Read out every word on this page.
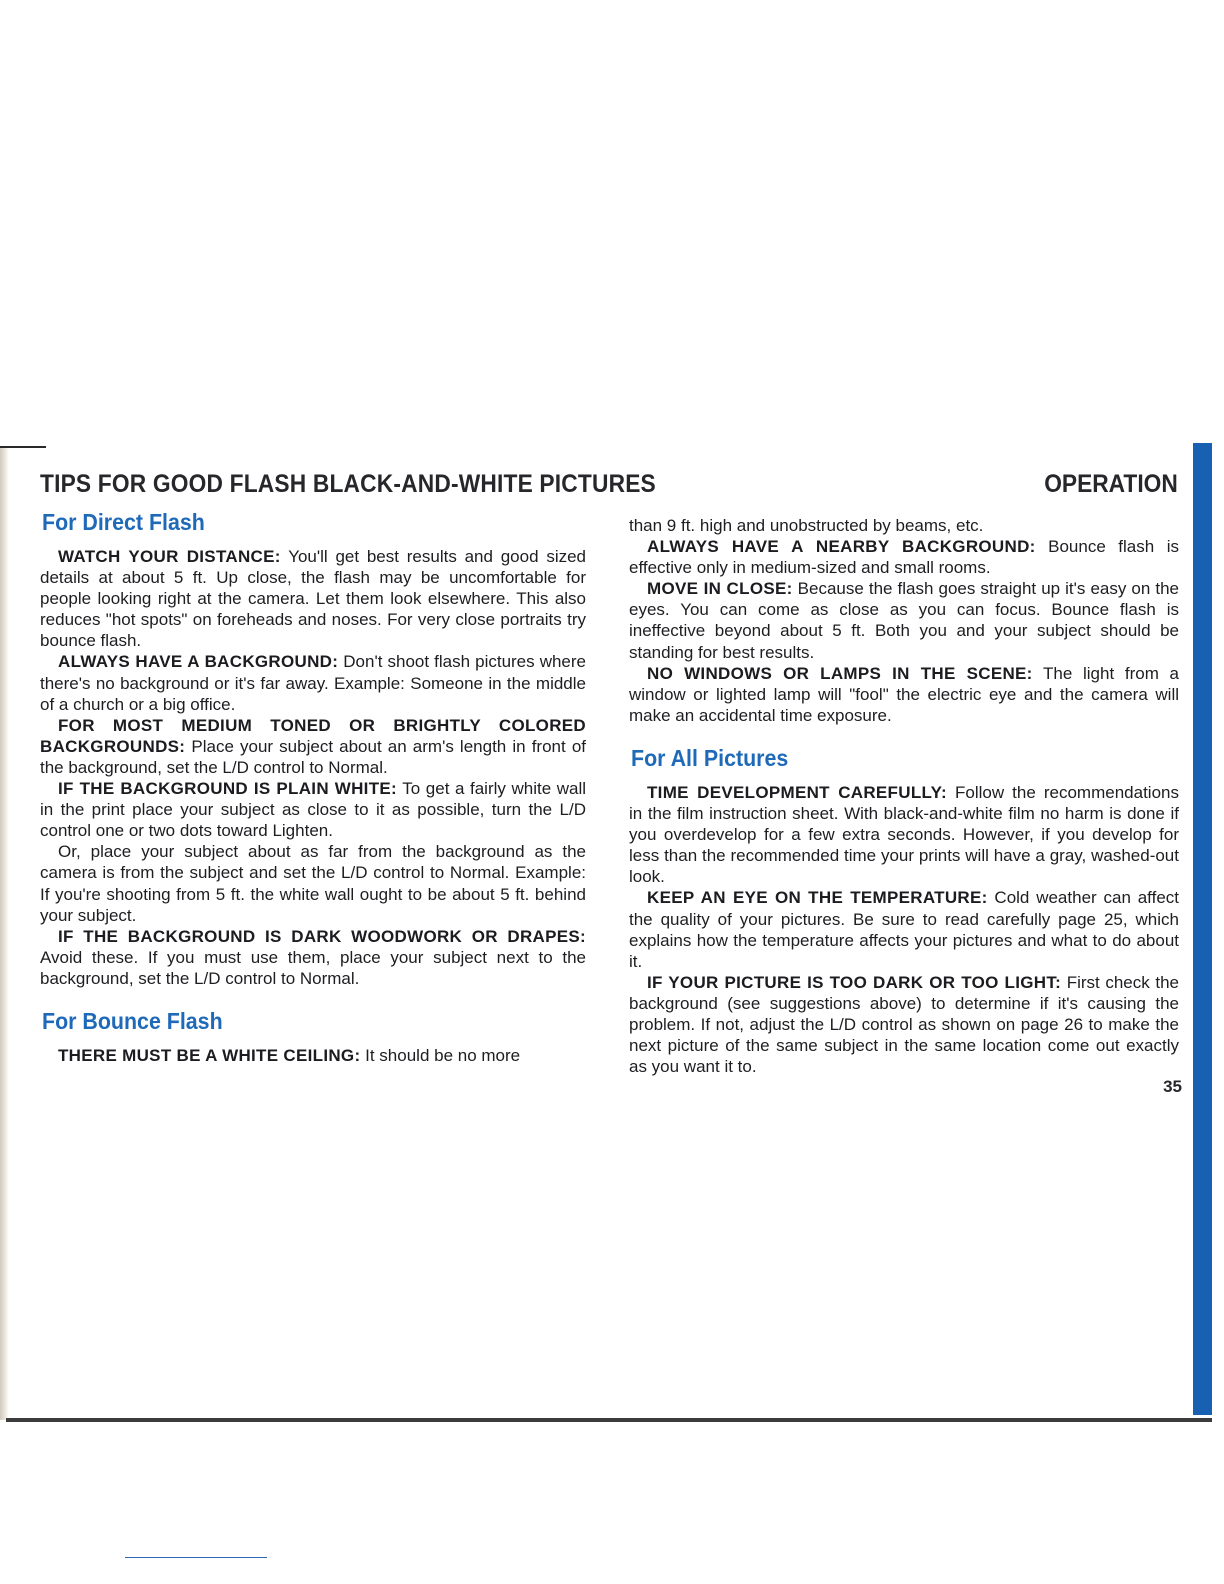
TIPS FOR GOOD FLASH BLACK-AND-WHITE PICTURES	OPERATION
For Direct Flash

WATCH YOUR DISTANCE: You'll get best results and good sized details at about 5 ft. Up close, the flash may be uncomfortable for people looking right at the camera. Let them look elsewhere. This also reduces "hot spots" on foreheads and noses. For very close portraits try bounce flash.

ALWAYS HAVE A BACKGROUND: Don't shoot flash pictures where there's no background or it's far away. Example: Someone in the middle of a church or a big office.

FOR MOST MEDIUM TONED OR BRIGHTLY COLORED BACKGROUNDS: Place your subject about an arm's length in front of the background, set the L/D control to Normal.

IF THE BACKGROUND IS PLAIN WHITE: To get a fairly white wall in the print place your subject as close to it as possible, turn the L/D control one or two dots toward Lighten.

Or, place your subject about as far from the background as the camera is from the subject and set the L/D control to Normal. Example: If you're shooting from 5 ft. the white wall ought to be about 5 ft. behind your subject.

IF THE BACKGROUND IS DARK WOODWORK OR DRAPES: Avoid these. If you must use them, place your subject next to the background, set the L/D control to Normal.

For Bounce Flash

THERE MUST BE A WHITE CEILING: It should be no more

than 9 ft. high and unobstructed by beams, etc.

ALWAYS HAVE A NEARBY BACKGROUND: Bounce flash is effective only in medium-sized and small rooms.

MOVE IN CLOSE: Because the flash goes straight up it's easy on the eyes. You can come as close as you can focus. Bounce flash is ineffective beyond about 5 ft. Both you and your subject should be standing for best results.

NO WINDOWS OR LAMPS IN THE SCENE: The light from a window or lighted lamp will "fool" the electric eye and the camera will make an accidental time exposure.

For All Pictures

TIME DEVELOPMENT CAREFULLY: Follow the recommendations in the film instruction sheet. With black-and-white film no harm is done if you overdevelop for a few extra seconds. However, if you develop for less than the recommended time your prints will have a gray, washed-out look.

KEEP AN EYE ON THE TEMPERATURE: Cold weather can affect the quality of your pictures. Be sure to read carefully page 25, which explains how the temperature affects your pictures and what to do about it.

IF YOUR PICTURE IS TOO DARK OR TOO LIGHT: First check the background (see suggestions above) to determine if it's causing the problem. If not, adjust the L/D control as shown on page 26 to make the next picture of the same subject in the same location come out exactly as you want it to.

35
